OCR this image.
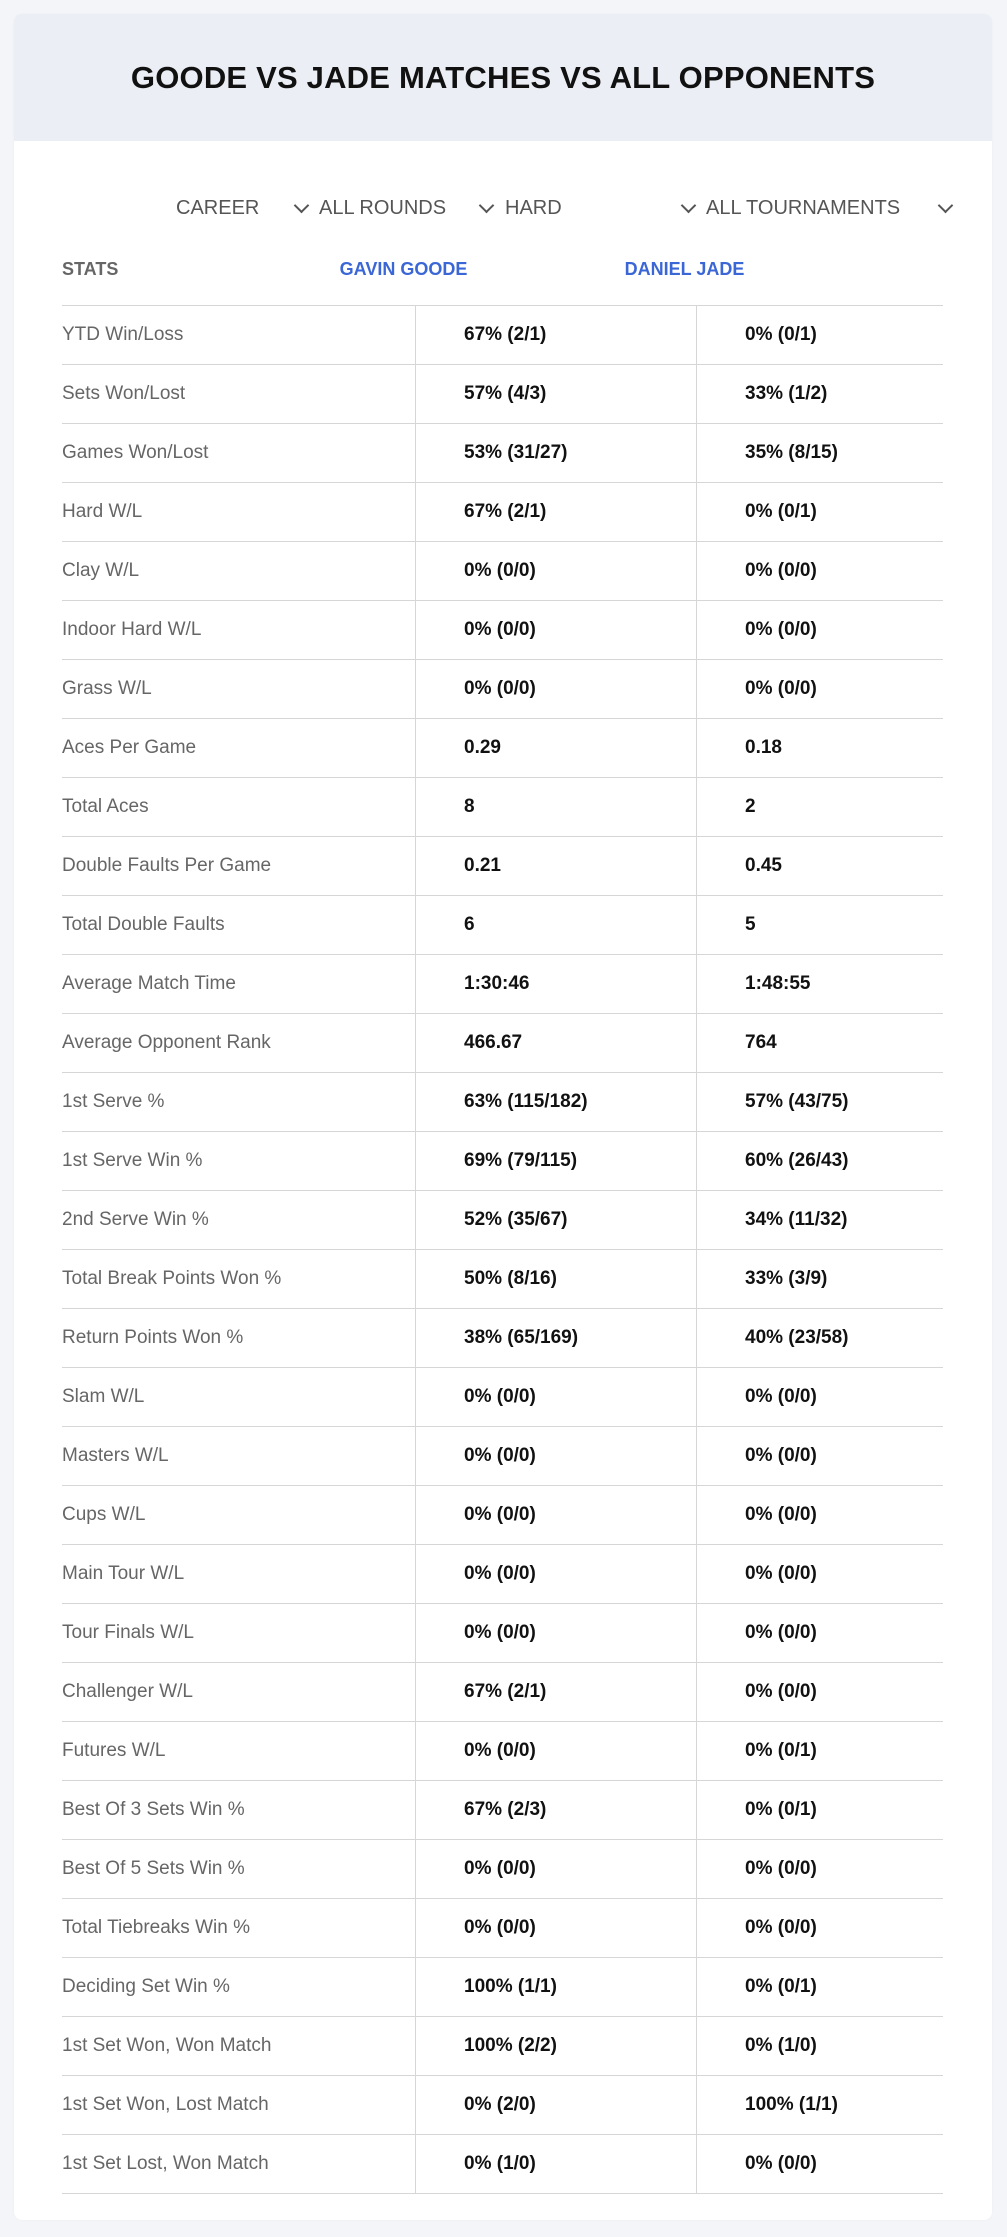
GOODE VS JADE MATCHES VS ALL OPPONENTS
CAREER	ALL ROUNDS	HARD	ALL TOURNAMENTS
STATS	GAVIN GOODE	DANIEL JADE
YTD Win/Loss	67% (2/1)	0% (0/1)
Sets Won/Lost	57% (4/3)	33% (1/2)
Games Won/Lost	53% (31/27)	35% (8/15)
Hard W/L	67% (2/1)	0% (0/1)
Clay W/L	0% (0/0)	0% (0/0)
Indoor Hard W/L	0% (0/0)	0% (0/0)
Grass W/L	0% (0/0)	0% (0/0)
Aces Per Game	0.29	0.18
Total Aces	8	2
Double Faults Per Game	0.21	0.45
Total Double Faults	6	5
Average Match Time	1:30:46	1:48:55
Average Opponent Rank	466.67	764
1st Serve %	63% (115/182)	57% (43/75)
1st Serve Win %	69% (79/115)	60% (26/43)
2nd Serve Win %	52% (35/67)	34% (11/32)
Total Break Points Won %	50% (8/16)	33% (3/9)
Return Points Won %	38% (65/169)	40% (23/58)
Slam W/L	0% (0/0)	0% (0/0)
Masters W/L	0% (0/0)	0% (0/0)
Cups W/L	0% (0/0)	0% (0/0)
Main Tour W/L	0% (0/0)	0% (0/0)
Tour Finals W/L	0% (0/0)	0% (0/0)
Challenger W/L	67% (2/1)	0% (0/0)
Futures W/L	0% (0/0)	0% (0/1)
Best Of 3 Sets Win %	67% (2/3)	0% (0/1)
Best Of 5 Sets Win %	0% (0/0)	0% (0/0)
Total Tiebreaks Win %	0% (0/0)	0% (0/0)
Deciding Set Win %	100% (1/1)	0% (0/1)
1st Set Won, Won Match	100% (2/2)	0% (1/0)
1st Set Won, Lost Match	0% (2/0)	100% (1/1)
1st Set Lost, Won Match	0% (1/0)	0% (0/0)
